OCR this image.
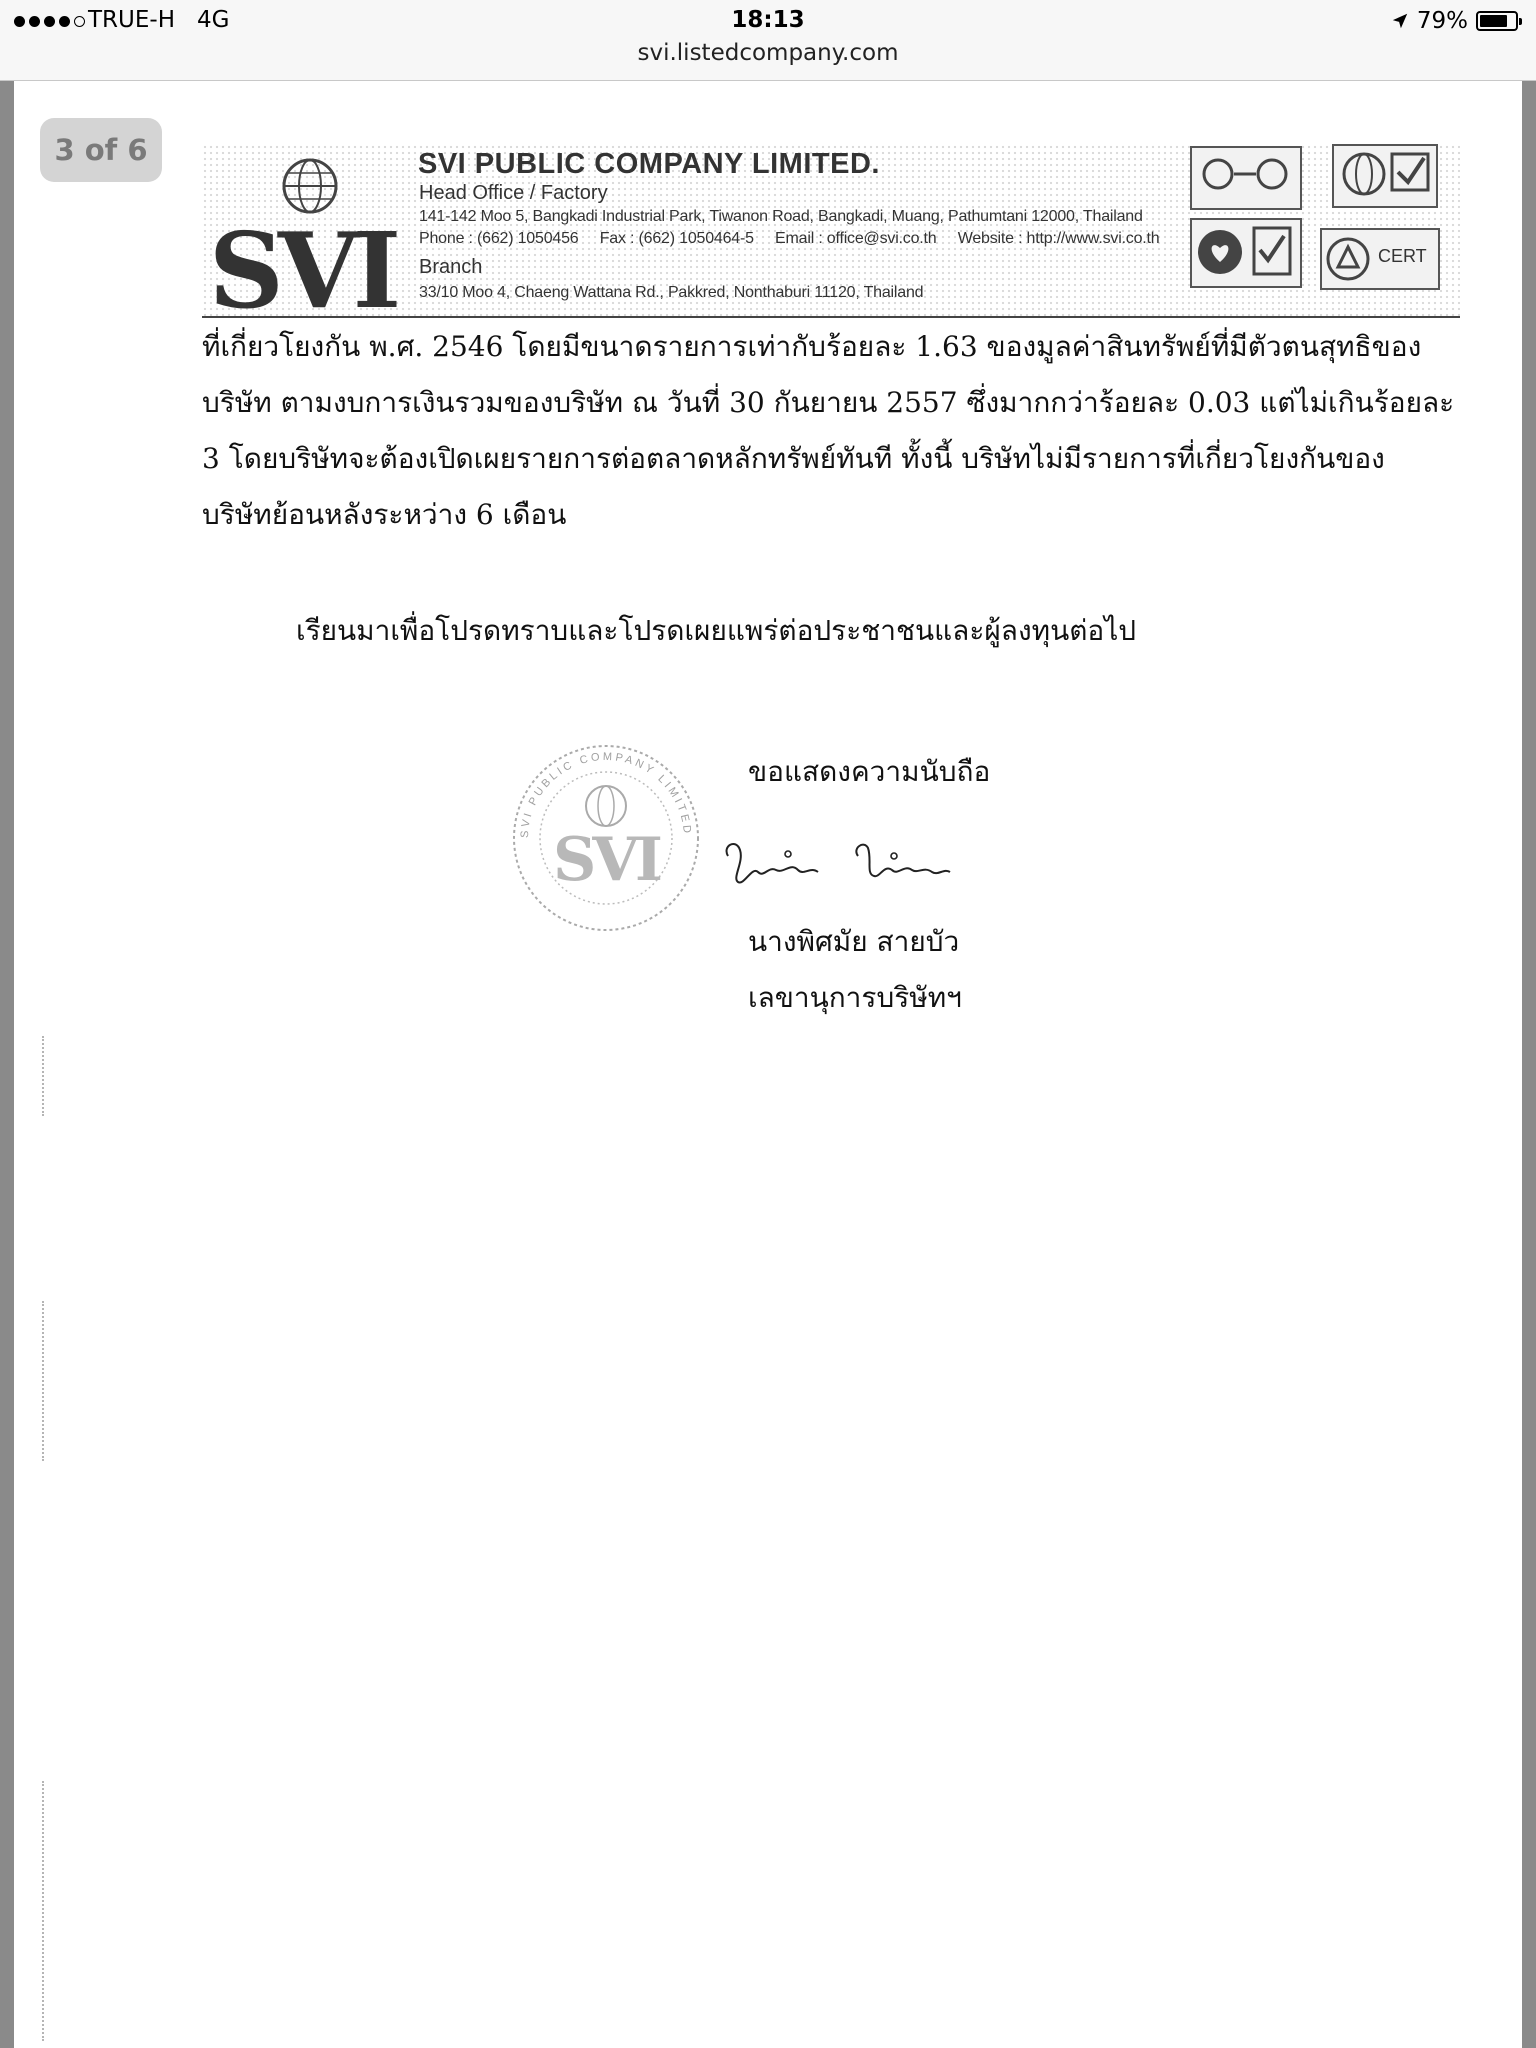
TRUE-H 4G	18:13	79%
svi.listedcompany.com
3 of 6
SVI
SVI PUBLIC COMPANY LIMITED.
Head Office / Factory
141-142 Moo 5, Bangkadi Industrial Park, Tiwanon Road, Bangkadi, Muang, Pathumtani 12000, Thailand
Phone : (662) 1050456     Fax : (662) 1050464-5     Email : office@svi.co.th     Website : http://www.svi.co.th
Branch
33/10 Moo 4, Chaeng Wattana Rd., Pakkred, Nonthaburi 11120, Thailand
CERT
ที่เกี่ยวโยงกัน พ.ศ. 2546 โดยมีขนาดรายการเท่ากับร้อยละ 1.63 ของมูลค่าสินทรัพย์ที่มีตัวตนสุทธิของ
บริษัท ตามงบการเงินรวมของบริษัท ณ วันที่ 30 กันยายน 2557 ซึ่งมากกว่าร้อยละ 0.03 แต่ไม่เกินร้อยละ
3 โดยบริษัทจะต้องเปิดเผยรายการต่อตลาดหลักทรัพย์ทันที ทั้งนี้ บริษัทไม่มีรายการที่เกี่ยวโยงกันของ
บริษัทย้อนหลังระหว่าง 6 เดือน
เรียนมาเพื่อโปรดทราบและโปรดเผยแพร่ต่อประชาชนและผู้ลงทุนต่อไป
SVI PUBLIC COMPANY LIMITED
SVI
ขอแสดงความนับถือ
นางพิศมัย สายบัว
เลขานุการบริษัทฯ
